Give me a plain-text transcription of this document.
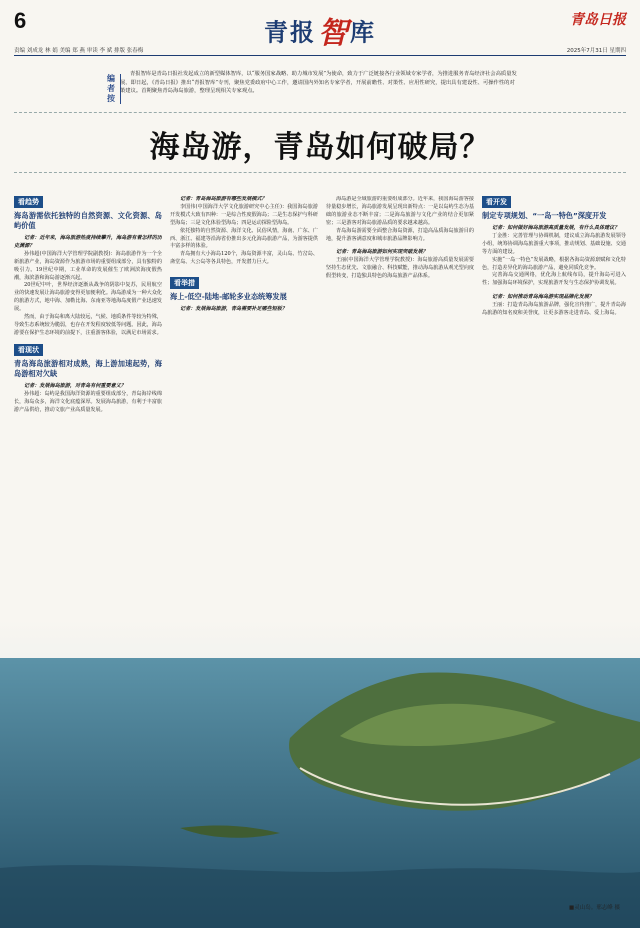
6	青报智库	青岛日报
责编 刘成龙 林 娟 美编 郑 燕 审读 李 斌 排版 张春梅	2025年7月31日 星期四
编者按
青报智库是青岛日报社发起成立的新型媒体智库，以“服务国家战略、助力城市发展”为使命，致力于广泛链接各行业领域专家学者，为推进服务青岛经济社会高质量发展、即日起，《青岛日报》推出“青报智库”专刊，聚焦党委政府中心工作，邀请国内外知名专家学者，开展前瞻性、对策性、应用性研究，提出具有建设性、可操作性的对策建议。首期聚焦青岛海岛旅游，整理呈现相关专家观点。
海岛游，青岛如何破局？
看趋势
海岛游需依托独特的自然资源、文化资源、岛屿价值
记者：近年来，海岛旅游热度持续攀升，海岛游有着怎样的历史渊源？

孙伟超(中国海洋大学管理学院副教授)：海岛旅游作为一个全新旅游产业，海岛资源作为旅游市场的重要组成部分，具有独特的吸引力。19世纪中期，工业革命的发展催生了欧洲滨海度假热潮，海滨游和海岛游逐渐兴起。

20世纪中叶，世界经济逐渐从战争的阴影中复苏，民用航空业的快速发展让海岛旅游变得更加便利化。海岛游成为一种大众化的旅游方式，地中海、加勒比海、东南亚等地海岛度假产业迅速发展。

然而，由于海岛和离大陆较远，气候、地质条件等较为特殊，导致生态系统较为脆弱，也存在开发程度较低等问题。因此，海岛游要在保护生态环境的前提下，注重游客体验，以满足市场需求。

看现状
青岛海岛旅游相对成熟，海上游加速起势，海岛游相对欠缺
记者：发展海岛旅游，对青岛有何重要意义？

孙伟超：岛屿是我国海洋资源的重要组成部分，青岛海岸线绵长，海岛众多，海洋文化底蕴深厚。发展海岛旅游，有利于丰富旅游产品供给，推动文旅产业高质量发展。

记者：青岛海岛旅游有哪些发展模式？

李国伟(中国海洋大学文化旅游研究中心主任)：我国海岛旅游开发模式大致有四种：一是综合性度假海岛；二是生态保护与科研型海岛；三是文化体验型海岛；四是运动探险型海岛。

依托独特的自然资源、海洋文化、民俗风情，海南、广东、广西、浙江、福建等沿海省份推出多元化海岛旅游产品，为游客提供丰富多样的体验。

青岛拥有大小海岛120个，海岛资源丰富，灵山岛、竹岔岛、斋堂岛、大公岛等各具特色，开发潜力巨大。

看举措
海上-低空-陆地-邮轮多业态统筹发展
记者：发展海岛旅游，青岛需要补足哪些短板？

海岛游是全域旅游的重要组成部分。近年来，我国海岛游客接待量稳步增长，海岛旅游发展呈现出新特点：一是以岛屿生态为基础的旅游业态不断丰富；二是海岛旅游与文化产业的结合更加紧密；三是游客对海岛旅游品质的要求越来越高。

青岛海岛游需要全面整合海岛资源，打造高品质海岛旅游目的地，提升游客满意度和城市旅游品牌影响力。

记者：青岛海岛旅游如何实现突破发展？

王丽(中国海洋大学管理学院教授)：海岛旅游高质量发展需要坚持生态优先、文旅融合、科技赋能，推动海岛旅游从观光型向度假型转变，打造独具特色的海岛旅游产品体系。

看开发
制定专项规划、“一岛一特色”深度开发
记者：如何做好海岛旅游高质量发展，有什么具体建议？

丁金胜：完善管理与协调机制，建议成立海岛旅游发展领导小组，统筹协调海岛旅游重大事项，推动规划、基础设施、交通等方面的建设。

实施“一岛一特色”发展战略，根据各海岛资源禀赋和文化特色，打造差异化的海岛旅游产品，避免同质化竞争。

完善海岛交通网络，优化海上航线布局，提升海岛可进入性；加强海岛环境保护，实现旅游开发与生态保护协调发展。

记者：如何推动青岛海岛游实现品牌化发展？

王丽：打造青岛海岛旅游品牌，强化宣传推广，提升青岛海岛旅游的知名度和美誉度，让更多游客走进青岛、爱上海岛。

■灵山岛。邢志峰 摄
